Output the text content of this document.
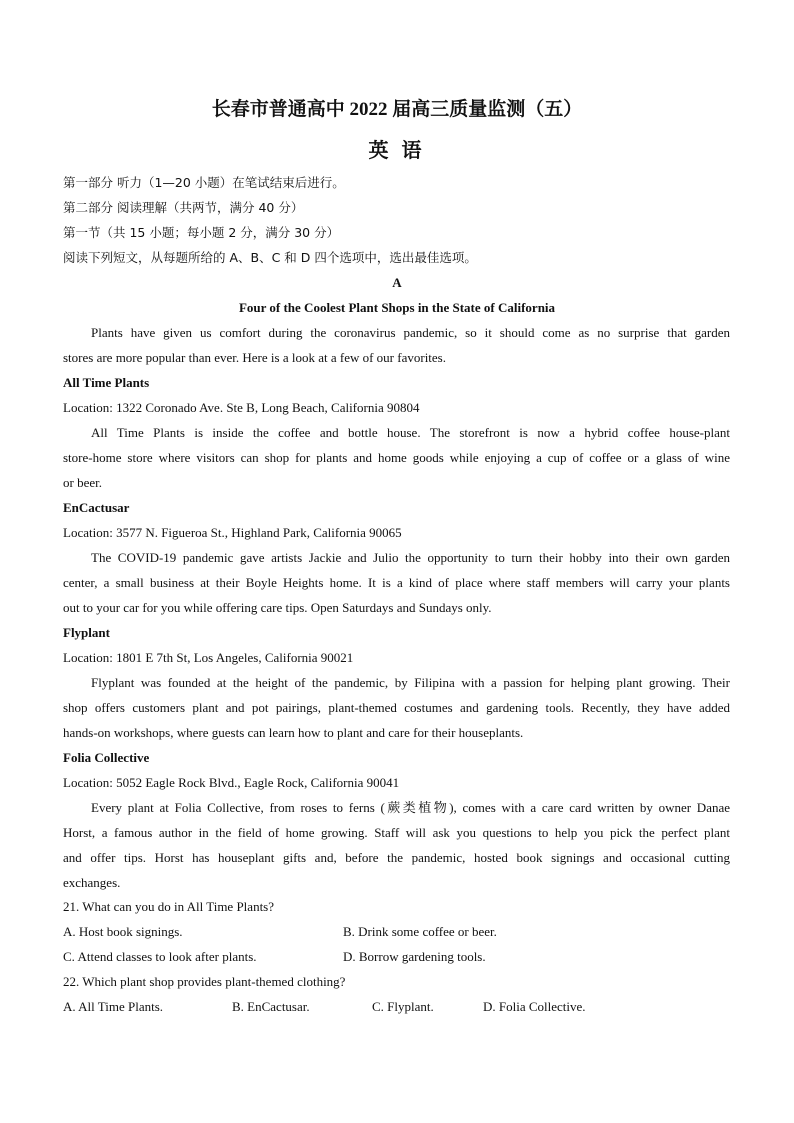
长春市普通高中 2022 届高三质量监测（五）
英 语
第一部分 听力（1—20 小题）在笔试结束后进行。
第二部分 阅读理解（共两节，满分 40 分）
第一节（共 15 小题；每小题 2 分，满分 30 分）
阅读下列短文，从每题所给的 A、B、C 和 D 四个选项中，选出最佳选项。
A
Four of the Coolest Plant Shops in the State of California
Plants have given us comfort during the coronavirus pandemic, so it should come as no surprise that garden
stores are more popular than ever. Here is a look at a few of our favorites.
All Time Plants
Location: 1322 Coronado Ave. Ste B, Long Beach, California 90804
All Time Plants is inside the coffee and bottle house. The storefront is now a hybrid coffee house-plant
store-home store where visitors can shop for plants and home goods while enjoying a cup of coffee or a glass of wine
or beer.
EnCactusar
Location: 3577 N. Figueroa St., Highland Park, California 90065
The COVID-19 pandemic gave artists Jackie and Julio the opportunity to turn their hobby into their own garden
center, a small business at their Boyle Heights home. It is a kind of place where staff members will carry your plants
out to your car for you while offering care tips. Open Saturdays and Sundays only.
Flyplant
Location: 1801 E 7th St, Los Angeles, California 90021
Flyplant was founded at the height of the pandemic, by Filipina with a passion for helping plant growing. Their
shop offers customers plant and pot pairings, plant-themed costumes and gardening tools. Recently, they have added
hands-on workshops, where guests can learn how to plant and care for their houseplants.
Folia Collective
Location: 5052 Eagle Rock Blvd., Eagle Rock, California 90041
Every plant at Folia Collective, from roses to ferns (蕨类植物), comes with a care card written by owner Danae
Horst, a famous author in the field of home growing. Staff will ask you questions to help you pick the perfect plant
and offer tips. Horst has houseplant gifts and, before the pandemic, hosted book signings and occasional cutting
exchanges.
21. What can you do in All Time Plants?
A. Host book signings.	B. Drink some coffee or beer.
C. Attend classes to look after plants.	D. Borrow gardening tools.
22. Which plant shop provides plant-themed clothing?
A. All Time Plants.	B. EnCactusar.	C. Flyplant.	D. Folia Collective.
